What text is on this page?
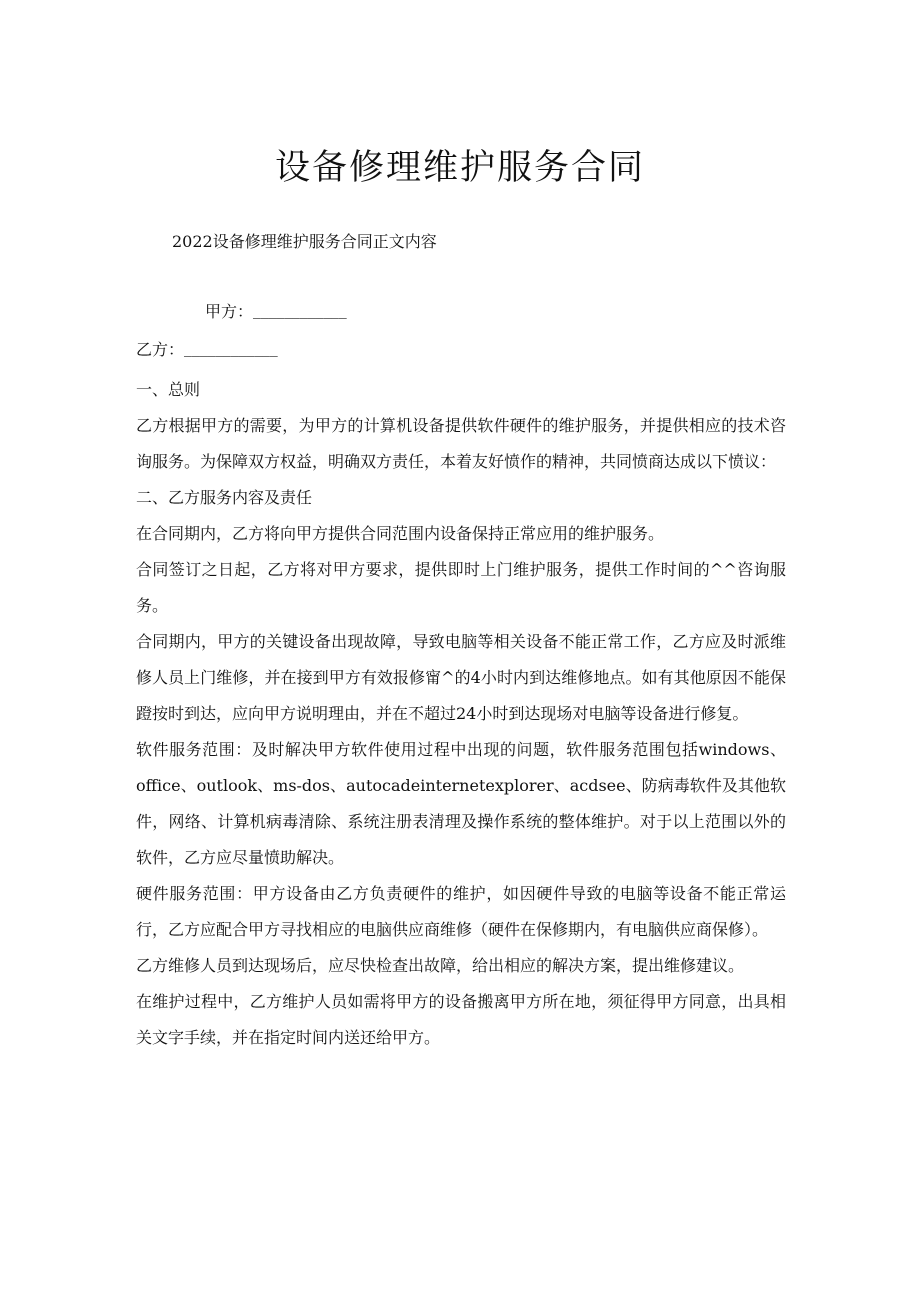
设备修理维护服务合同
2022设备修理维护服务合同正文内容
甲方：____________
乙方：____________

一、总则

乙方根据甲方的需要，为甲方的计算机设备提供软件硬件的维护服务，并提供相应的技术咨询服务。为保障双方权益，明确双方责任，本着友好愤作的精神，共同愤商达成以下愤议：

二、乙方服务内容及责任

在合同期内，乙方将向甲方提供合同范围内设备保持正常应用的维护服务。

合同签订之日起，乙方将对甲方要求，提供即时上门维护服务，提供工作时间的^^咨询服务。

合同期内，甲方的关键设备出现故障，导致电脑等相关设备不能正常工作，乙方应及时派维修人员上门维修，并在接到甲方有效报修甯^的4小时内到达维修地点。如有其他原因不能保蹬按时到达，应向甲方说明理由，并在不超过24小时到达现场对电脑等设备进行修复。

软件服务范围：及时解决甲方软件使用过程中出现的问题，软件服务范围包括windows、office、outlook、ms-dos、autocadeinternetexplorer、acdsee、防病毒软件及其他软件，网络、计算机病毒清除、系统注册表清理及操作系统的整体维护。对于以上范围以外的软件，乙方应尽量愤助解决。

硬件服务范围：甲方设备由乙方负责硬件的维护，如因硬件导致的电脑等设备不能正常运行，乙方应配合甲方寻找相应的电脑供应商维修（硬件在保修期内，有电脑供应商保修）。

乙方维修人员到达现场后，应尽快检查出故障，给出相应的解决方案，提出维修建议。

在维护过程中，乙方维护人员如需将甲方的设备搬离甲方所在地，须征得甲方同意，出具相关文字手续，并在指定时间内送还给甲方。
